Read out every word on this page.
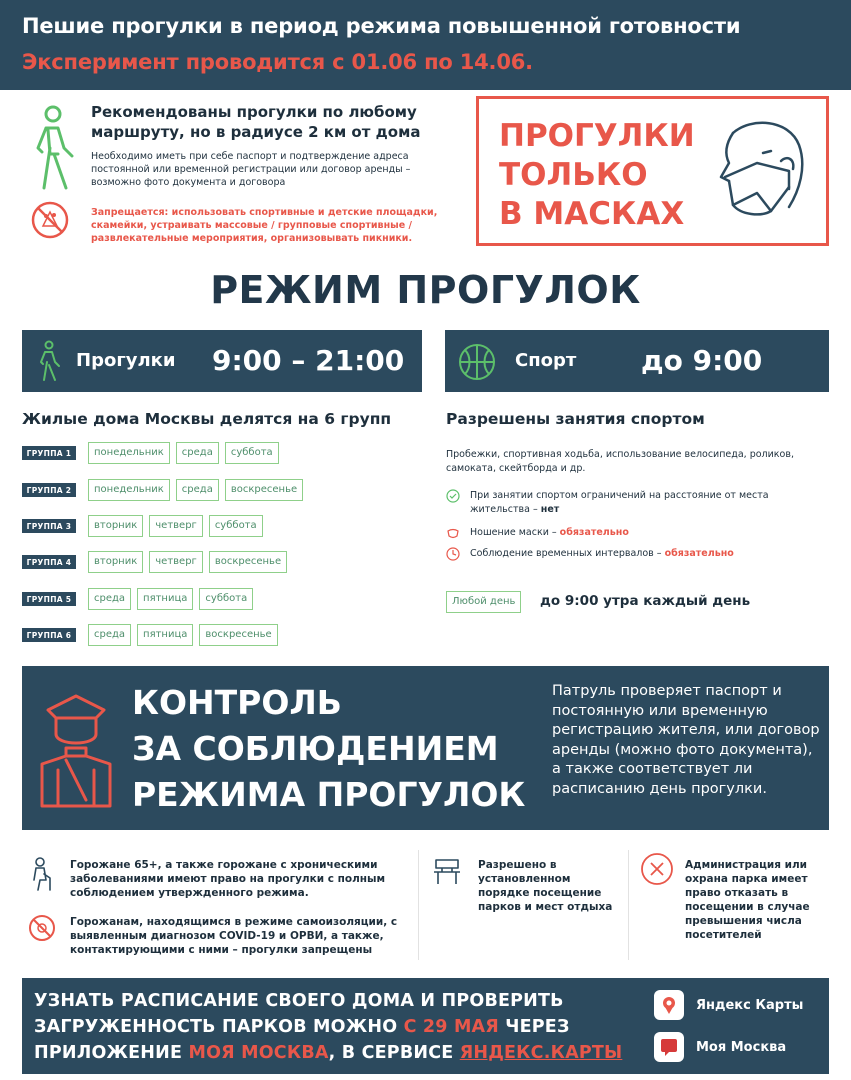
Пешие прогулки в период режима повышенной готовности
Эксперимент проводится с 01.06 по 14.06.
Рекомендованы прогулки по любому маршруту, но в радиусе 2 км от дома
Необходимо иметь при себе паспорт и подтверждение адреса постоянной или временной регистрации или договор аренды – возможно фото документа и договора
Запрещается: использовать спортивные и детские площадки, скамейки, устраивать массовые / групповые спортивные / развлекательные мероприятия, организовывать пикники.
ПРОГУЛКИ
ТОЛЬКО
В МАСКАХ
РЕЖИМ ПРОГУЛОК
Прогулки 9:00 – 21:00	Спорт до 9:00
Жилые дома Москвы делятся на 6 групп
ГРУППА 1	понедельник	среда	суббота
ГРУППА 2	понедельник	среда	воскресенье
ГРУППА 3	вторник	четверг	суббота
ГРУППА 4	вторник	четверг	воскресенье
ГРУППА 5	среда	пятница	суббота
ГРУППА 6	среда	пятница	воскресенье
Разрешены занятия спортом
Пробежки, спортивная ходьба, использование велосипеда, роликов, самоката, скейтборда и др.
При занятии спортом ограничений на расстояние от места жительства – нет
Ношение маски – обязательно
Соблюдение временных интервалов – обязательно
Любой день	до 9:00 утра каждый день
КОНТРОЛЬ
ЗА СОБЛЮДЕНИЕМ
РЕЖИМА ПРОГУЛОК
Патруль проверяет паспорт и постоянную или временную регистрацию жителя, или договор аренды (можно фото документа), а также соответствует ли расписанию день прогулки.
Горожане 65+, а также горожане с хроническими заболеваниями имеют право на прогулки с полным соблюдением утвержденного режима.
Горожанам, находящимся в режиме самоизоляции, с выявленным диагнозом COVID-19 и ОРВИ, а также, контактирующими с ними – прогулки запрещены
Разрешено в установленном порядке посещение парков и мест отдыха
Администрация или охрана парка имеет право отказать в посещении в случае превышения числа посетителей
УЗНАТЬ РАСПИСАНИЕ СВОЕГО ДОМА И ПРОВЕРИТЬ
ЗАГРУЖЕННОСТЬ ПАРКОВ МОЖНО С 29 МАЯ ЧЕРЕЗ
ПРИЛОЖЕНИЕ МОЯ МОСКВА, В СЕРВИСЕ ЯНДЕКС.КАРТЫ
Яндекс Карты
Моя Москва
